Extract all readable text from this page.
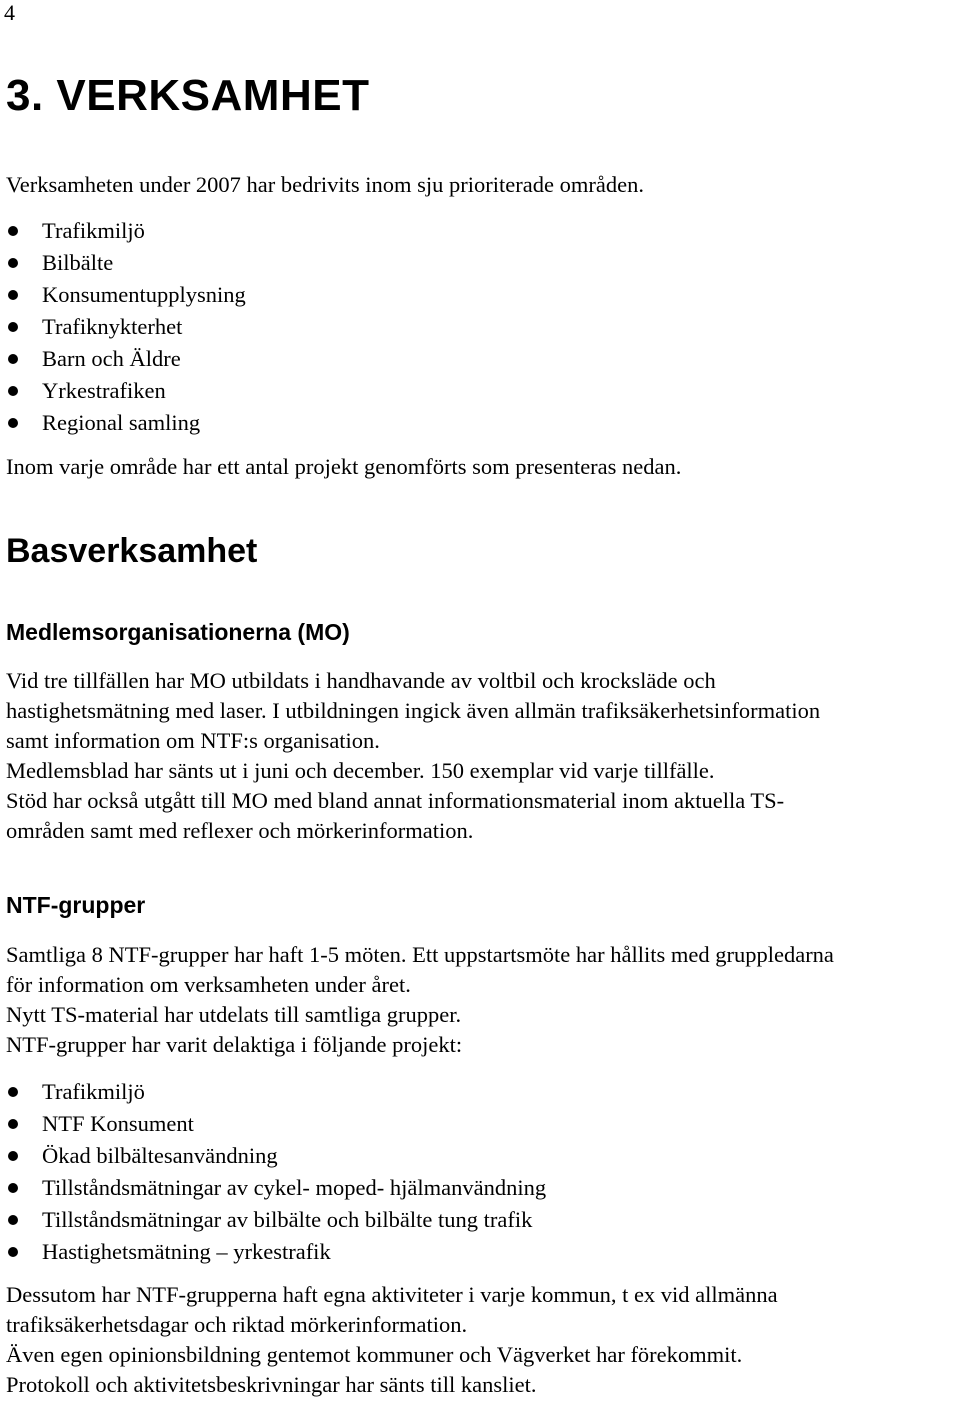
4
3. VERKSAMHET
Verksamheten under 2007 har bedrivits inom sju prioriterade områden.
Trafikmiljö
Bilbälte
Konsumentupplysning
Trafiknykterhet
Barn och Äldre
Yrkestrafiken
Regional samling
Inom varje område har ett antal projekt genomförts som presenteras nedan.
Basverksamhet
Medlemsorganisationerna (MO)
Vid tre tillfällen har MO utbildats i handhavande av voltbil och krocksläde och
hastighetsmätning med laser. I utbildningen ingick även allmän trafiksäkerhetsinformation
samt information om NTF:s organisation.
Medlemsblad har sänts ut i juni och december. 150 exemplar vid varje tillfälle.
Stöd har också utgått till MO med bland annat informationsmaterial inom aktuella TS-
områden samt med reflexer och mörkerinformation.
NTF-grupper
Samtliga 8 NTF-grupper har haft 1-5 möten. Ett uppstartsmöte har hållits med gruppledarna
för information om verksamheten under året.
Nytt TS-material har utdelats till samtliga grupper.
NTF-grupper har varit delaktiga i följande projekt:
Trafikmiljö
NTF Konsument
Ökad bilbältesanvändning
Tillståndsmätningar av cykel- moped- hjälmanvändning
Tillståndsmätningar av bilbälte och bilbälte tung trafik
Hastighetsmätning – yrkestrafik
Dessutom har NTF-grupperna haft egna aktiviteter i varje kommun, t ex vid allmänna
trafiksäkerhetsdagar och riktad mörkerinformation.
Även egen opinionsbildning gentemot kommuner och Vägverket har förekommit.
Protokoll och aktivitetsbeskrivningar har sänts till kansliet.
